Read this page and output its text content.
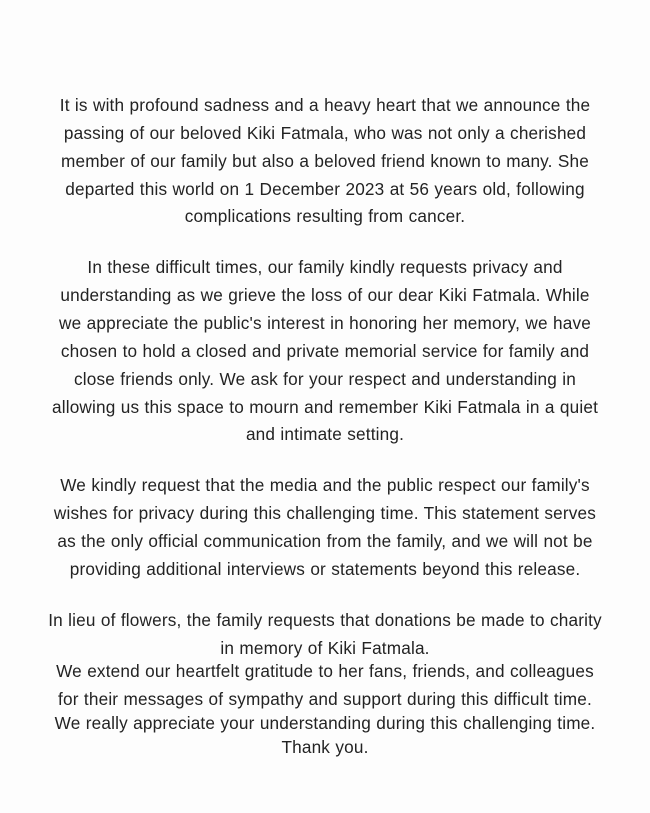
It is with profound sadness and a heavy heart that we announce the passing of our beloved Kiki Fatmala, who was not only a cherished member of our family but also a beloved friend known to many. She departed this world on 1 December 2023 at 56 years old, following complications resulting from cancer.

In these difficult times, our family kindly requests privacy and understanding as we grieve the loss of our dear Kiki Fatmala. While we appreciate the public's interest in honoring her memory, we have chosen to hold a closed and private memorial service for family and close friends only. We ask for your respect and understanding in allowing us this space to mourn and remember Kiki Fatmala in a quiet and intimate setting.

We kindly request that the media and the public respect our family's wishes for privacy during this challenging time. This statement serves as the only official communication from the family, and we will not be providing additional interviews or statements beyond this release.

In lieu of flowers, the family requests that donations be made to charity in memory of Kiki Fatmala.

We extend our heartfelt gratitude to her fans, friends, and colleagues for their messages of sympathy and support during this difficult time.

We really appreciate your understanding during this challenging time.

Thank you.
